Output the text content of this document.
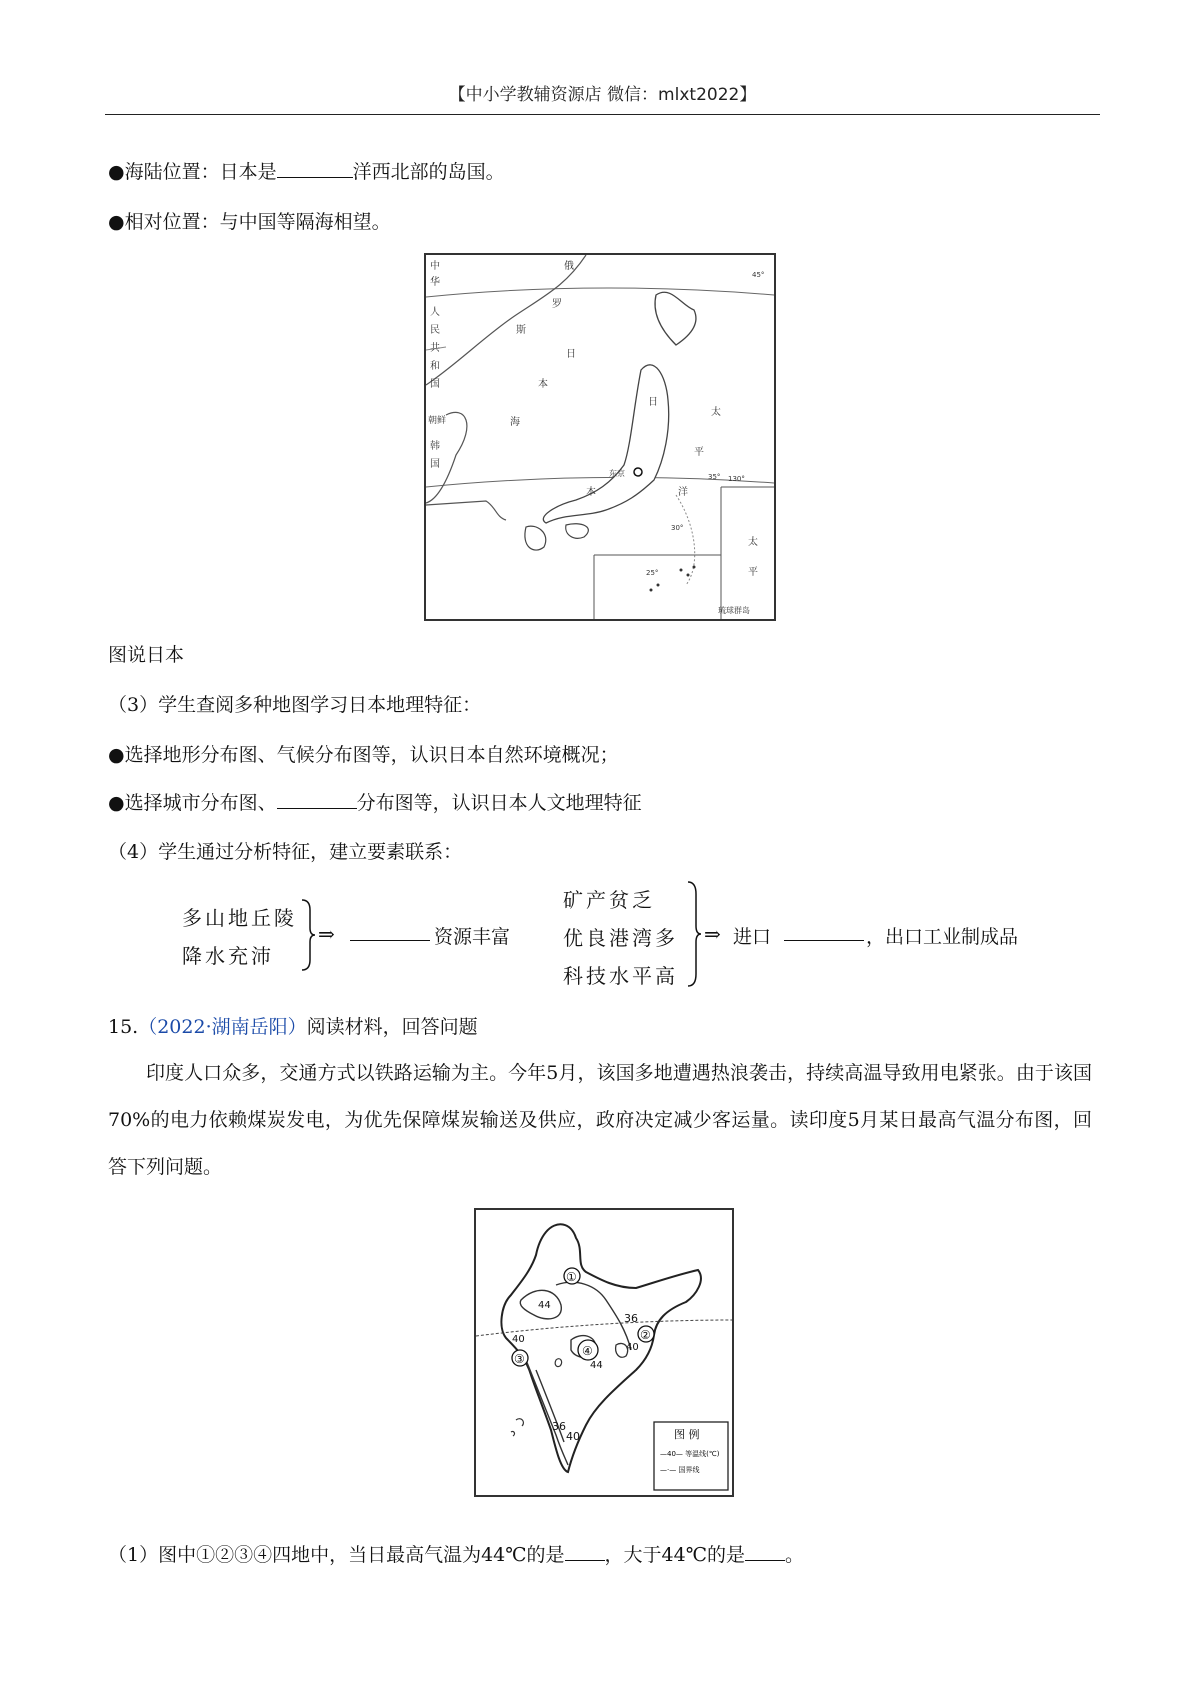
【中小学教辅资源店 微信：mlxt2022】
●海陆位置：日本是	洋西北部的岛国。
●相对位置：与中国等隔海相望。
中
华
人
民
共
和
国
朝鲜
韩
国
俄
罗
斯
日
本
海
日
本
太
平
洋
东京
琉球群岛
45°
35° 130°
25°
30°
太
平
图说日本
（3）学生查阅多种地图学习日本地理特征：
●选择地形分布图、气候分布图等，认识日本自然环境概况；
●选择城市分布图、	分布图等，认识日本人文地理特征
（4）学生通过分析特征，建立要素联系：
多山地丘陵
降水充沛
⇒	资源丰富
矿产贫乏
优良港湾多
科技水平高
⇒ 进口	，出口工业制成品
15.（2022·湖南岳阳）阅读材料，回答问题
印度人口众多，交通方式以铁路运输为主。今年5月，该国多地遭遇热浪袭击，持续高温导致用电紧张。由于该国70%的电力依赖煤炭发电，为优先保障煤炭输送及供应，政府决定减少客运量。读印度5月某日最高气温分布图，回答下列问题。
①
②
③
④
44
36
40
40
44
36
40	图 例
—40— 等温线(℃)
—·— 国界线
（1）图中①②③④四地中，当日最高气温为44℃的是 ，大于44℃的是 。
